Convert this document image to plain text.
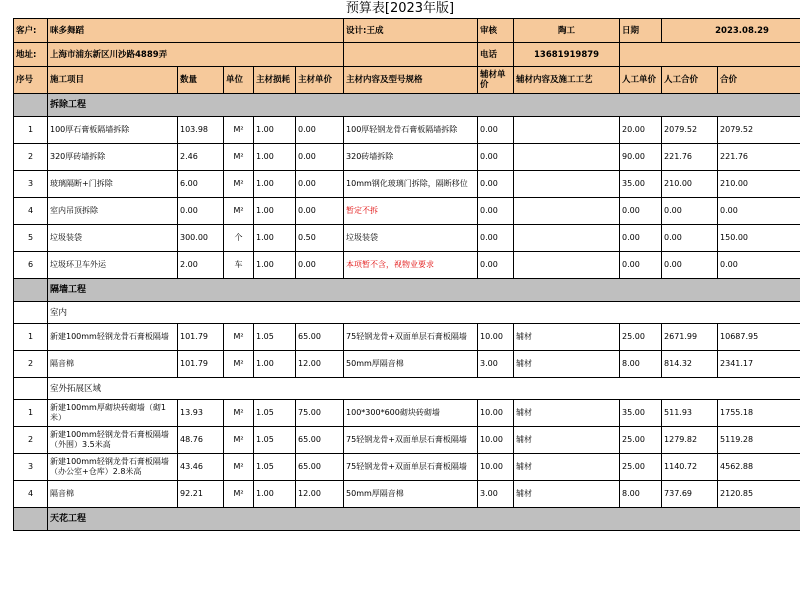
预算表[2023年版]
客户:	咪多舞蹈					设计:王成	审核	陶工	日期	2023.08.29	
地址:	上海市浦东新区川沙路4889弄						电话	13681919879			
序号	施工项目	数量	单位	主材损耗	主材单价	主材内容及型号规格	辅材单价	辅材内容及施工工艺	人工单价	人工合价	合价
	拆除工程										
1	100厚石膏板隔墙拆除	103.98	M²	1.00	0.00	100厚轻钢龙骨石膏板隔墙拆除	0.00		20.00	2079.52	2079.52
2	320厚砖墙拆除	2.46	M²	1.00	0.00	320砖墙拆除	0.00		90.00	221.76	221.76
3	玻璃隔断+门拆除	6.00	M²	1.00	0.00	10mm钢化玻璃门拆除，隔断移位	0.00		35.00	210.00	210.00
4	室内吊顶拆除	0.00	M²	1.00	0.00	暂定不拆	0.00		0.00	0.00	0.00
5	垃圾装袋	300.00	个	1.00	0.50	垃圾装袋	0.00		0.00	0.00	150.00
6	垃圾环卫车外运	2.00	车	1.00	0.00	本项暂不含，视物业要求	0.00		0.00	0.00	0.00
	隔墙工程										
	室内										
1	新建100mm轻钢龙骨石膏板隔墙	101.79	M²	1.05	65.00	75轻钢龙骨+双面单层石膏板隔墙	10.00	辅材	25.00	2671.99	10687.95
2	隔音棉	101.79	M²	1.00	12.00	50mm厚隔音棉	3.00	辅材	8.00	814.32	2341.17
	室外拓展区域										
1	新建100mm厚砌块砖砌墙（砌1米）	13.93	M²	1.05	75.00	100*300*600砌块砖砌墙	10.00	辅材	35.00	511.93	1755.18
2	新建100mm轻钢龙骨石膏板隔墙（外围）3.5米高	48.76	M²	1.05	65.00	75轻钢龙骨+双面单层石膏板隔墙	10.00	辅材	25.00	1279.82	5119.28
3	新建100mm轻钢龙骨石膏板隔墙（办公室+仓库）2.8米高	43.46	M²	1.05	65.00	75轻钢龙骨+双面单层石膏板隔墙	10.00	辅材	25.00	1140.72	4562.88
4	隔音棉	92.21	M²	1.00	12.00	50mm厚隔音棉	3.00	辅材	8.00	737.69	2120.85
	天花工程										
